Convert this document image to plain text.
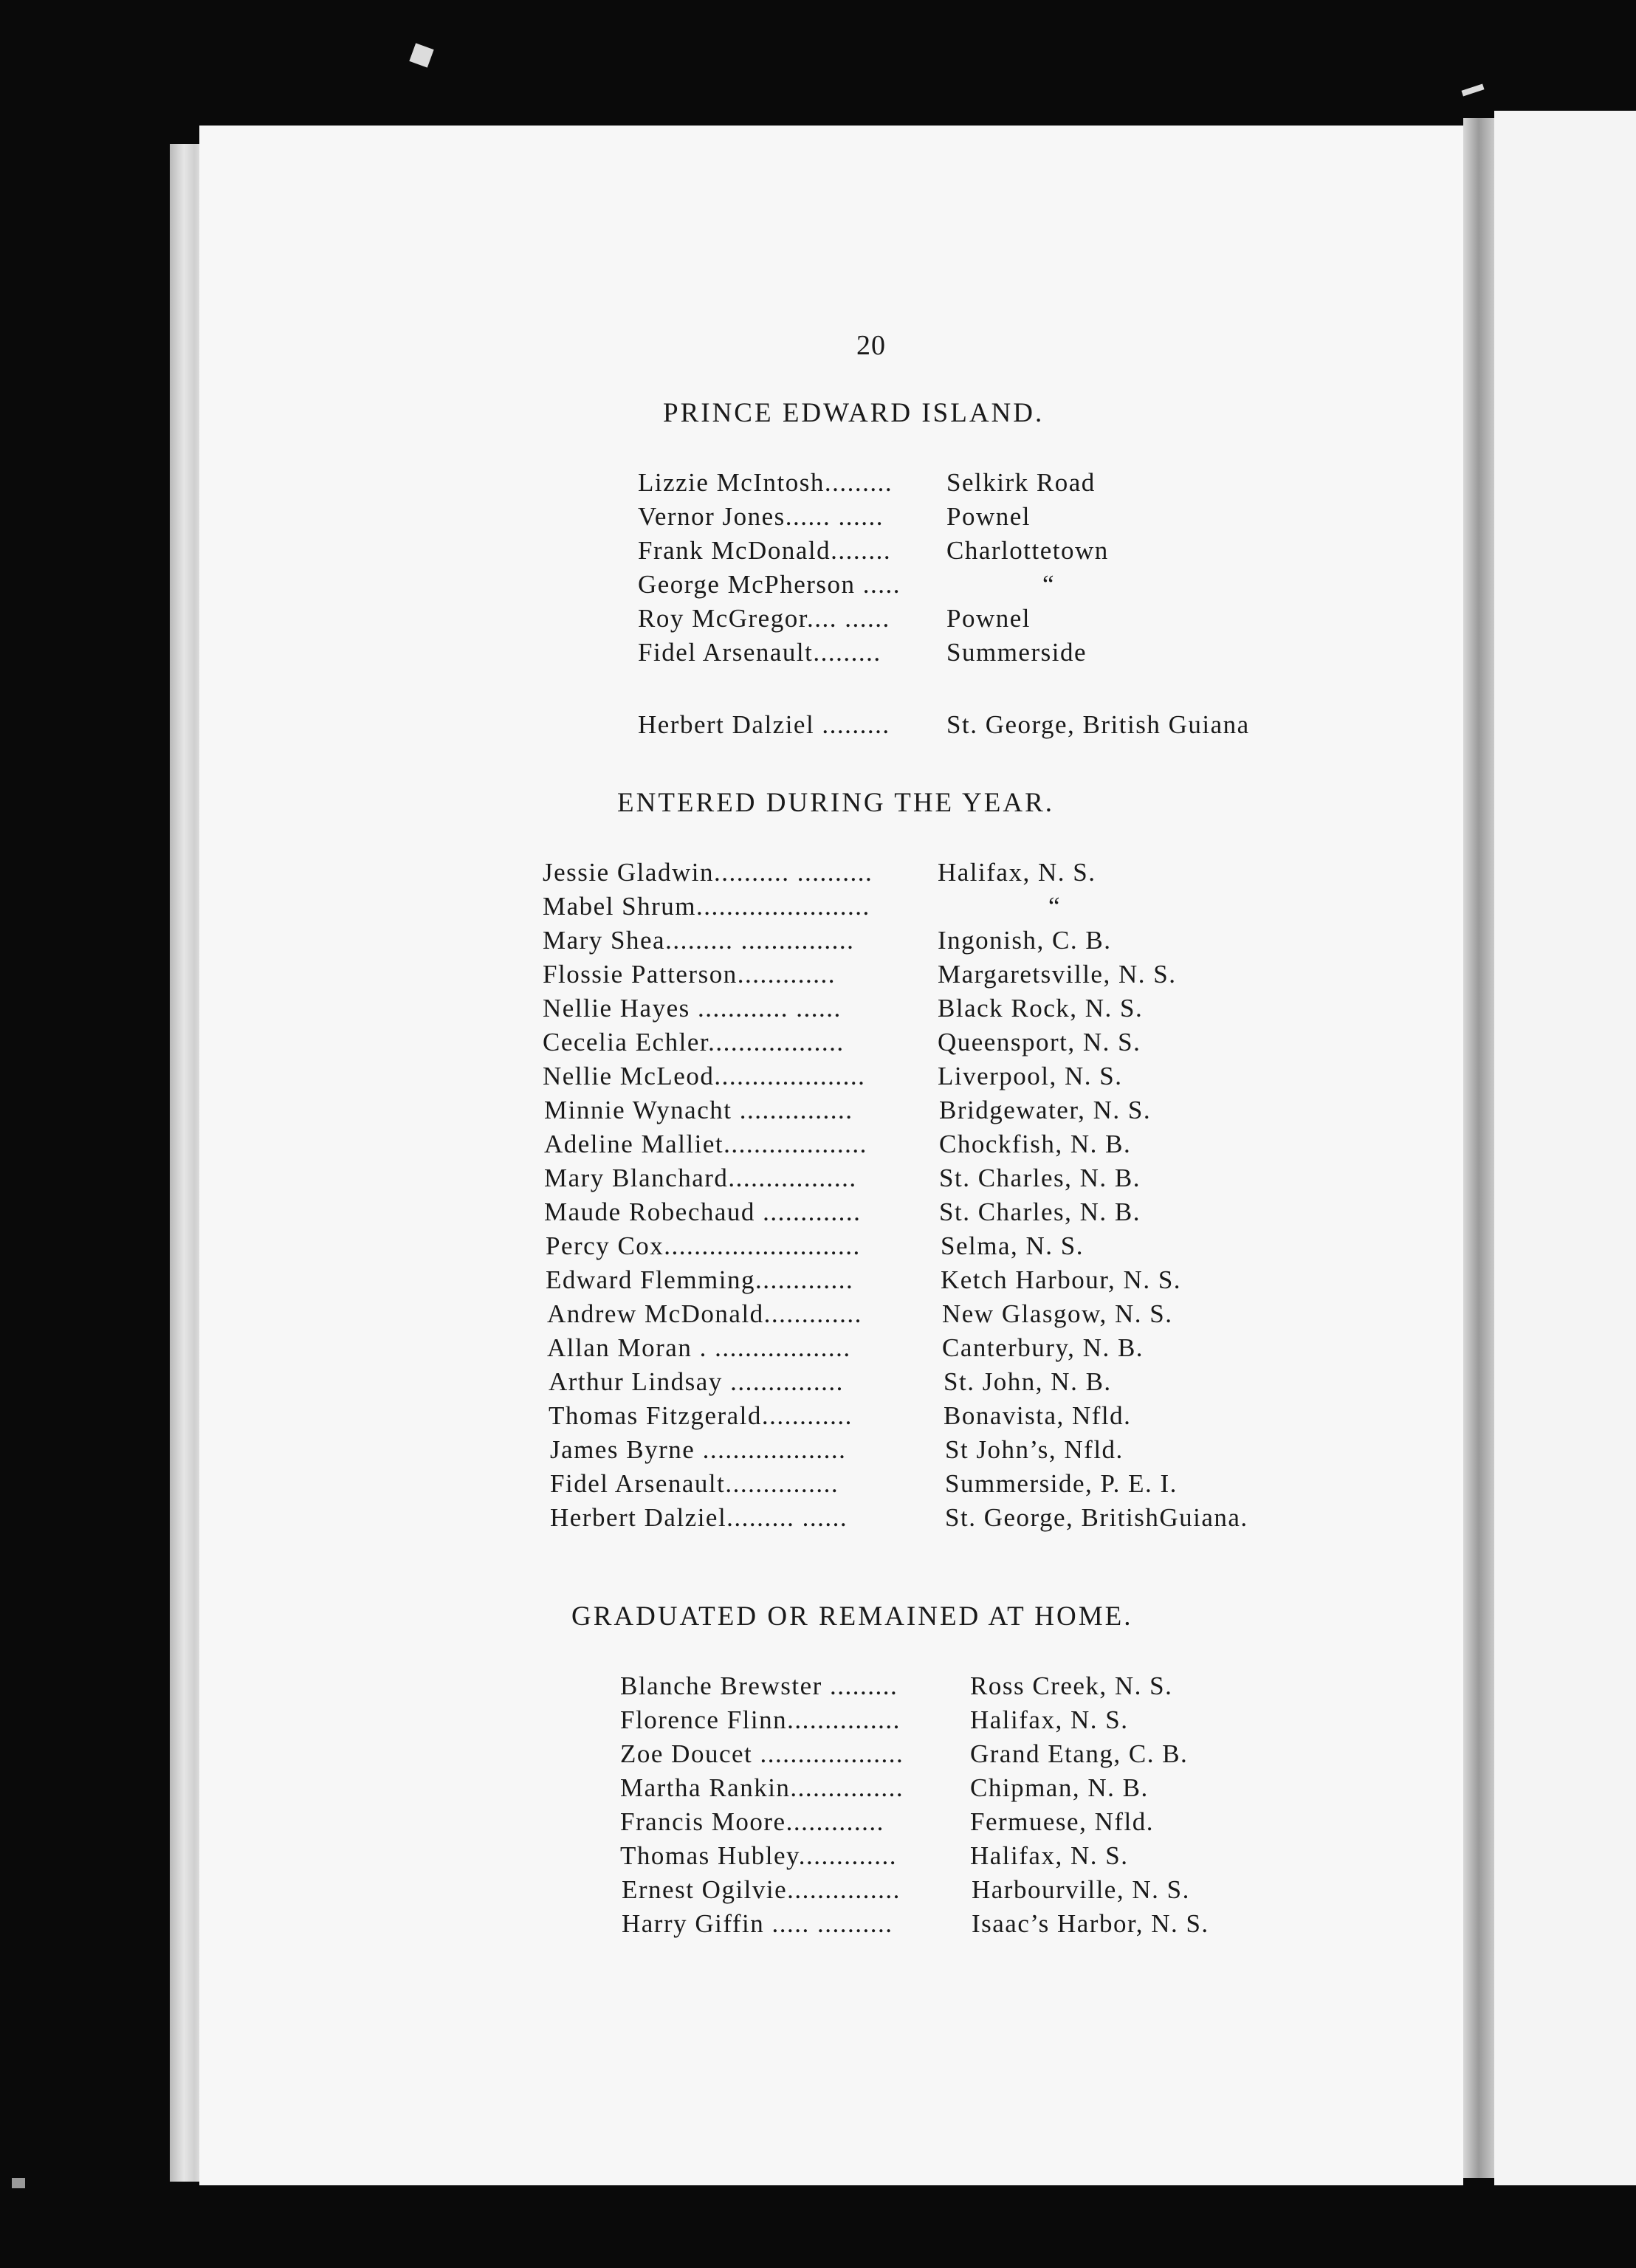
20
PRINCE EDWARD ISLAND.
Lizzie McIntosh......... Selkirk Road
Vernor Jones...... ...... Pownel
Frank McDonald........ Charlottetown
George McPherson .....	“
Roy McGregor.... ...... Pownel
Fidel Arsenault.........	Summerside
Herbert Dalziel ......... St. George, British Guiana
ENTERED DURING THE YEAR.
Jessie Gladwin.......... ..........	Halifax, N. S.
Mabel Shrum.......................	“
Mary Shea......... ...............	Ingonish, C. B.
Flossie Patterson.............	Margaretsville, N. S.
Nellie Hayes ............ ......	Black Rock, N. S.
Cecelia Echler..................	Queensport, N. S.
Nellie McLeod....................	Liverpool, N. S.
Minnie Wynacht ...............	Bridgewater, N. S.
Adeline Malliet...................	Chockfish, N. B.
Mary Blanchard.................	St. Charles, N. B.
Maude Robechaud .............	St. Charles, N. B.
Percy Cox..........................	Selma, N. S.
Edward Flemming.............	Ketch Harbour, N. S.
Andrew McDonald.............	New Glasgow, N. S.
Allan Moran . ..................	Canterbury, N. B.
Arthur Lindsay ...............	St. John, N. B.
Thomas Fitzgerald............	Bonavista, Nfld.
James Byrne ...................	St John’s, Nfld.
Fidel Arsenault...............	Summerside, P. E. I.
Herbert Dalziel......... ......	St. George, BritishGuiana.
GRADUATED OR REMAINED AT HOME.
Blanche Brewster .........	Ross Creek, N. S.
Florence Flinn...............	Halifax, N. S.
Zoe Doucet ...................	Grand Etang, C. B.
Martha Rankin...............	Chipman, N. B.
Francis Moore.............	Fermuese, Nfld.
Thomas Hubley.............	Halifax, N. S.
Ernest Ogilvie...............	Harbourville, N. S.
Harry Giffin ..... ..........	Isaac’s Harbor, N. S.
